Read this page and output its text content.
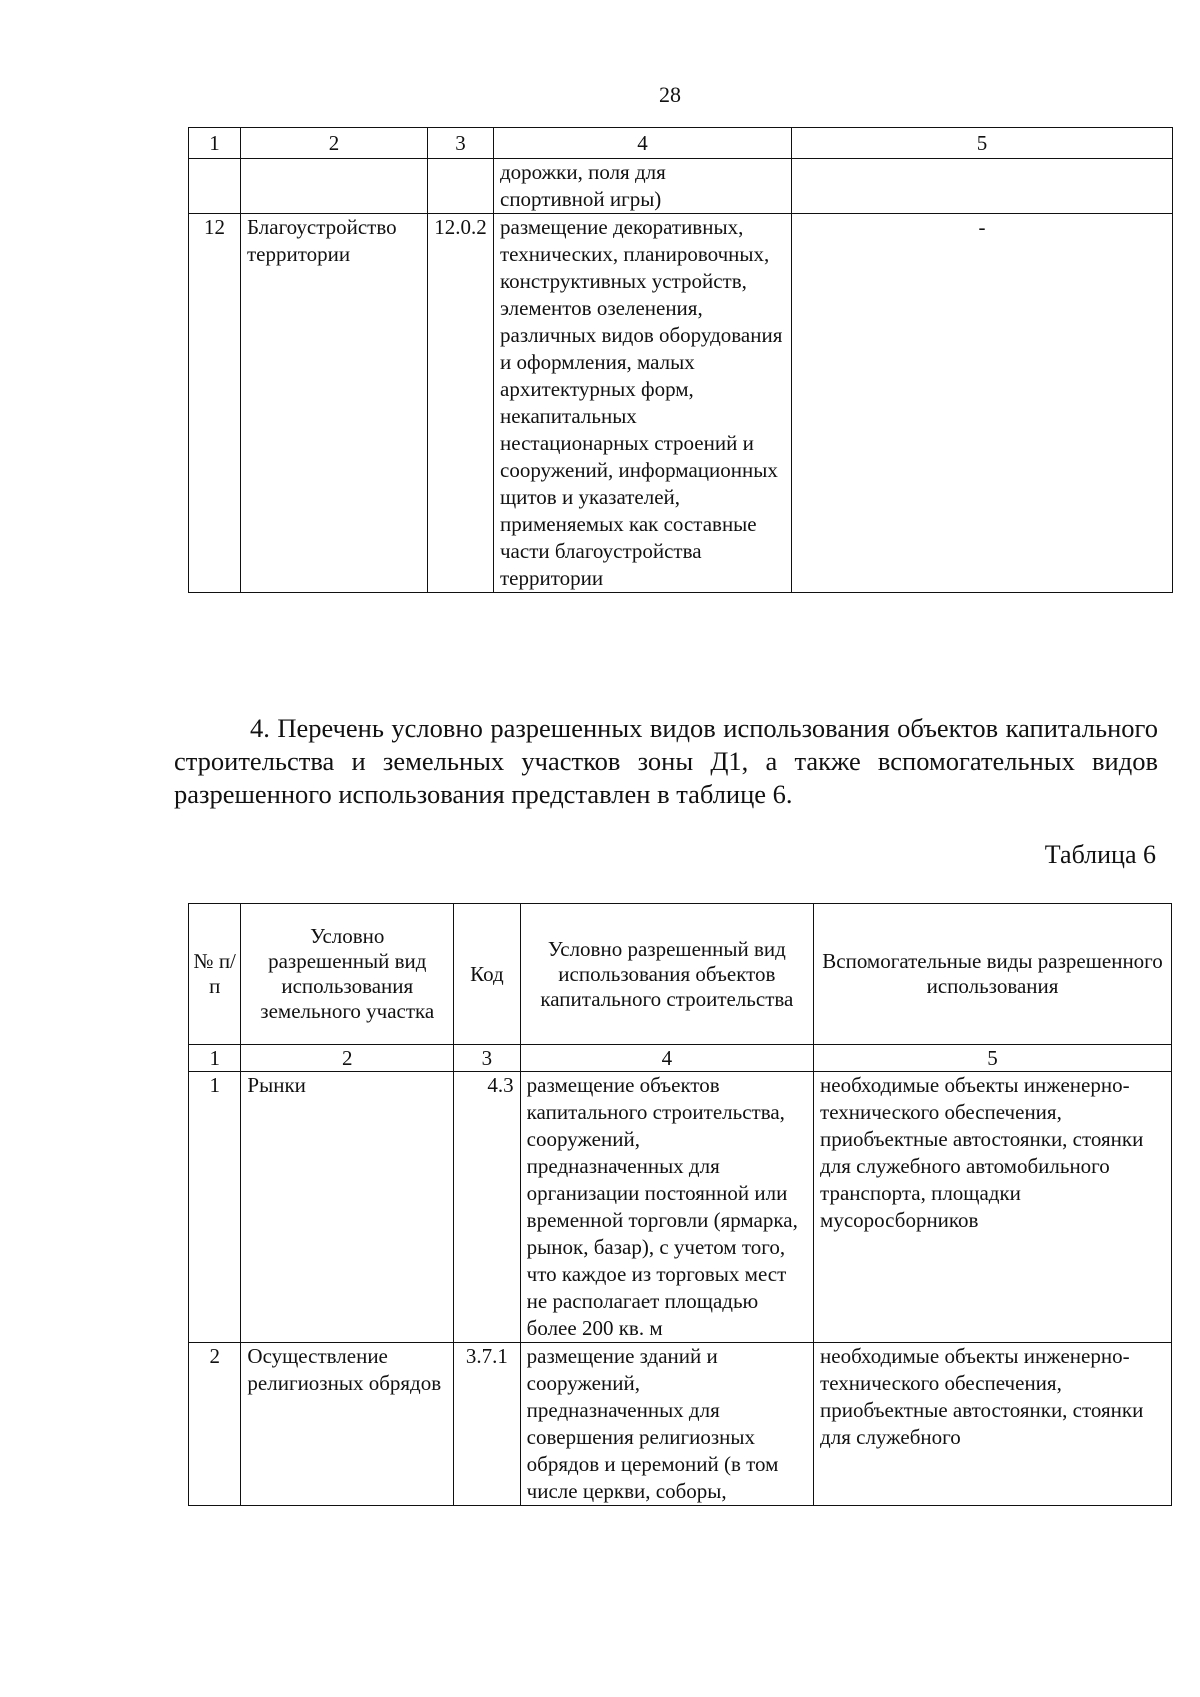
28
1	2	3	4	5
			дорожки, поля для спортивной игры)	
12	Благоустройство территории	12.0.2	размещение декоративных, технических, планировочных, конструктивных устройств, элементов озеленения, различных видов оборудования и оформления, малых архитектурных форм, некапитальных нестационарных строений и сооружений, информационных щитов и указателей, применяемых как составные части благоустройства территории	-
4. Перечень условно разрешенных видов использования объектов капитального строительства и земельных участков зоны Д1, а также вспомогательных видов разрешенного использования представлен в таблице 6.
Таблица 6
№ п/п	Условно разрешенный вид использования земельного участка	Код	Условно разрешенный вид использования объектов капитального строительства	Вспомогательные виды разрешенного использования
1	2	3	4	5
1	Рынки	4.3	размещение объектов капитального строительства, сооружений, предназначенных для организации постоянной или временной торговли (ярмарка, рынок, базар), с учетом того, что каждое из торговых мест не располагает площадью более 200 кв. м	необходимые объекты инженерно-технического обеспечения, приобъектные автостоянки, стоянки для служебного автомобильного транспорта, площадки мусоросборников
2	Осуществление религиозных обрядов	3.7.1	размещение зданий и сооружений, предназначенных для совершения религиозных обрядов и церемоний (в том числе церкви, соборы,	необходимые объекты инженерно-технического обеспечения, приобъектные автостоянки, стоянки для служебного
